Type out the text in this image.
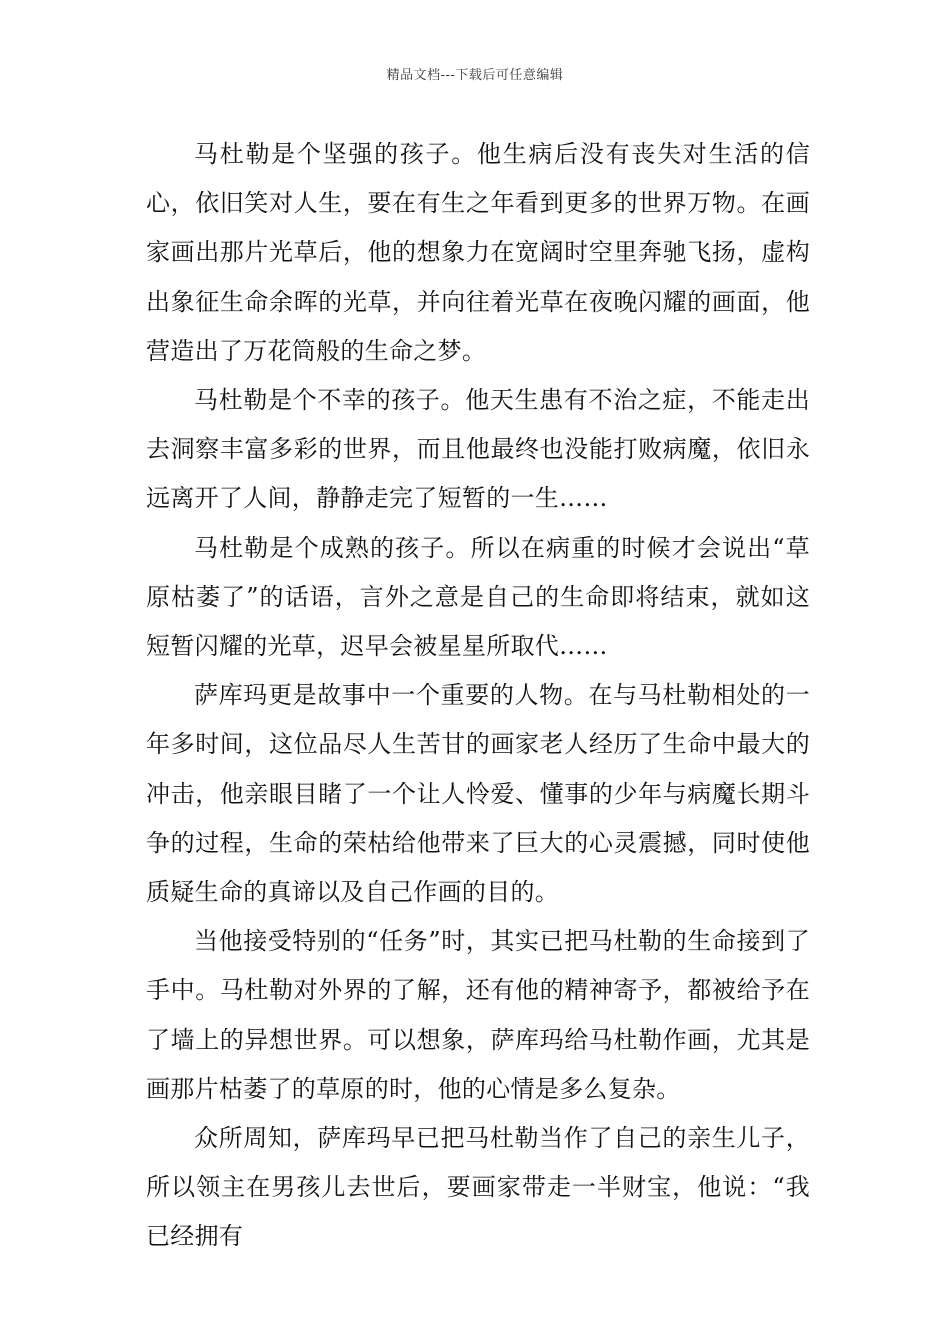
精品文档---下载后可任意编辑

马杜勒是个坚强的孩子。他生病后没有丧失对生活的信心，依旧笑对人生，要在有生之年看到更多的世界万物。在画家画出那片光草后，他的想象力在宽阔时空里奔驰飞扬，虚构出象征生命余晖的光草，并向往着光草在夜晚闪耀的画面，他营造出了万花筒般的生命之梦。

马杜勒是个不幸的孩子。他天生患有不治之症，不能走出去洞察丰富多彩的世界，而且他最终也没能打败病魔，依旧永远离开了人间，静静走完了短暂的一生……

马杜勒是个成熟的孩子。所以在病重的时候才会说出“草原枯萎了”的话语，言外之意是自己的生命即将结束，就如这短暂闪耀的光草，迟早会被星星所取代……

萨库玛更是故事中一个重要的人物。在与马杜勒相处的一年多时间，这位品尽人生苦甘的画家老人经历了生命中最大的冲击，他亲眼目睹了一个让人怜爱、懂事的少年与病魔长期斗争的过程，生命的荣枯给他带来了巨大的心灵震撼，同时使他质疑生命的真谛以及自己作画的目的。

当他接受特别的“任务”时，其实已把马杜勒的生命接到了手中。马杜勒对外界的了解，还有他的精神寄予，都被给予在了墙上的异想世界。可以想象，萨库玛给马杜勒作画，尤其是画那片枯萎了的草原的时，他的心情是多么复杂。

众所周知，萨库玛早已把马杜勒当作了自己的亲生儿子，所以领主在男孩儿去世后，要画家带走一半财宝，他说：“我已经拥有
